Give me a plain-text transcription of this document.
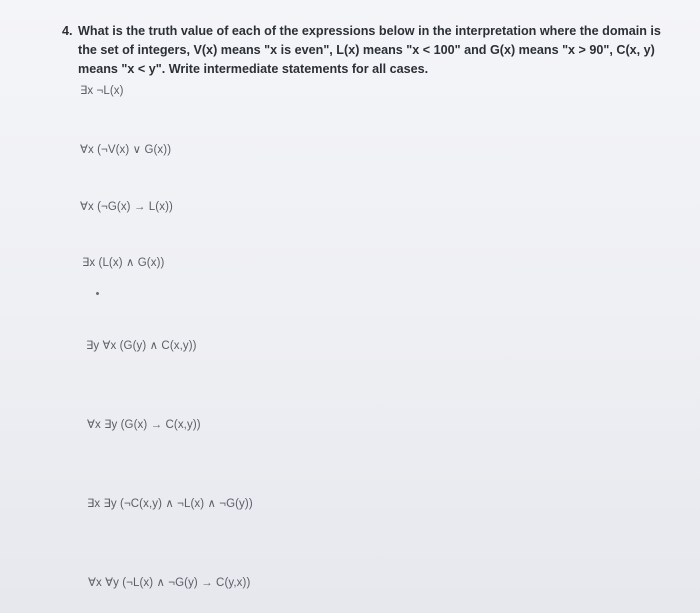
4. What is the truth value of each of the expressions below in the interpretation where the domain is the set of integers, V(x) means "x is even", L(x) means "x < 100" and G(x) means "x > 90", C(x, y) means "x < y". Write intermediate statements for all cases.
∃x ¬L(x)
∀x (¬V(x) ∨ G(x))
∀x (¬G(x) → L(x))
∃x (L(x) ∧ G(x))
∃y ∀x (G(y) ∧ C(x,y))
∀x ∃y (G(x) → C(x,y))
∃x ∃y (¬C(x,y) ∧ ¬L(x) ∧ ¬G(y))
∀x ∀y (¬L(x) ∧ ¬G(y) → C(y,x))
